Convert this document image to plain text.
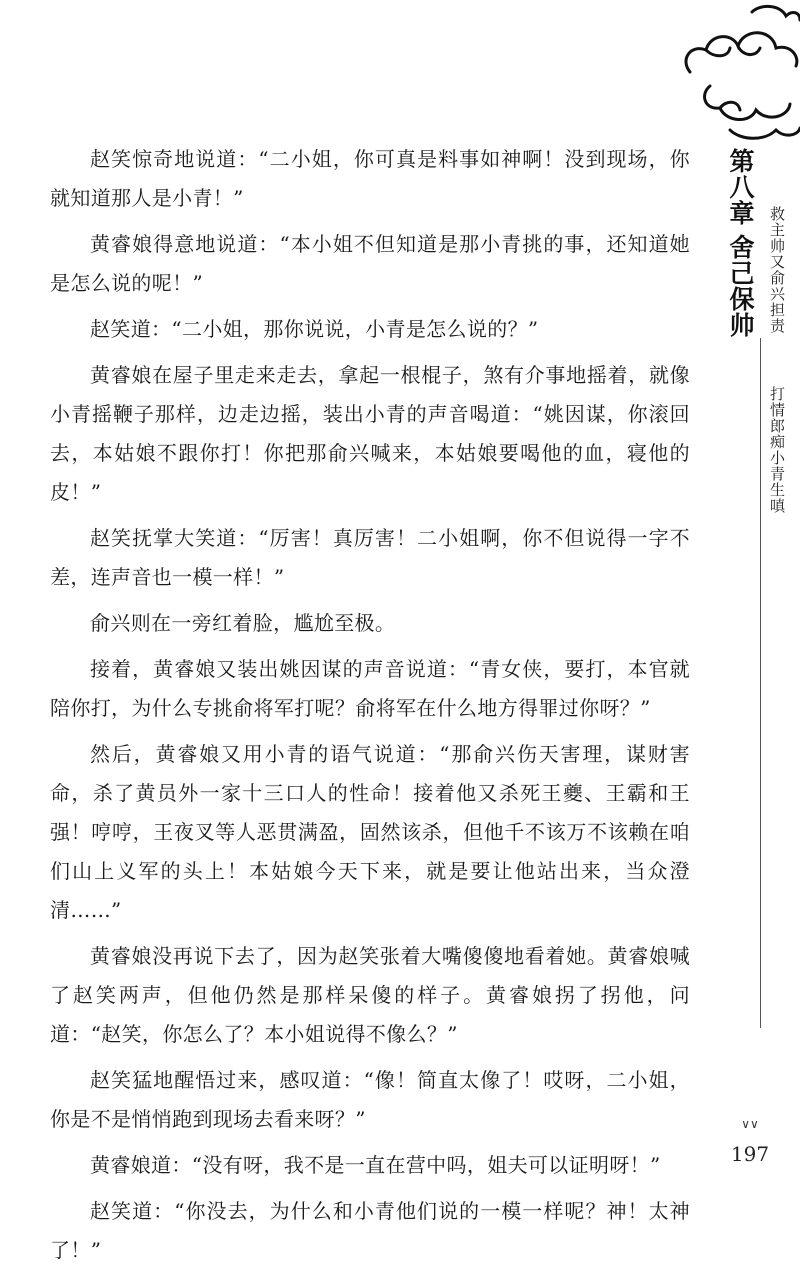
第八章
舍己保帅 救主帅又俞兴担责
打情郎痴小青生嗔

赵笑惊奇地说道：“二小姐，你可真是料事如神啊！没到现场，你就知道那人是小青！”

黄睿娘得意地说道：“本小姐不但知道是那小青挑的事，还知道她是怎么说的呢！”

赵笑道：“二小姐，那你说说，小青是怎么说的？”

黄睿娘在屋子里走来走去，拿起一根棍子，煞有介事地摇着，就像小青摇鞭子那样，边走边摇，装出小青的声音喝道：“姚因谋，你滚回去，本姑娘不跟你打！你把那俞兴喊来，本姑娘要喝他的血，寝他的皮！”

赵笑抚掌大笑道：“厉害！真厉害！二小姐啊，你不但说得一字不差，连声音也一模一样！”

俞兴则在一旁红着脸，尴尬至极。

接着，黄睿娘又装出姚因谋的声音说道：“青女侠，要打，本官就陪你打，为什么专挑俞将军打呢？俞将军在什么地方得罪过你呀？”

然后，黄睿娘又用小青的语气说道：“那俞兴伤天害理，谋财害命，杀了黄员外一家十三口人的性命！接着他又杀死王夔、王霸和王强！哼哼，王夜叉等人恶贯满盈，固然该杀，但他千不该万不该赖在咱们山上义军的头上！本姑娘今天下来，就是要让他站出来，当众澄清……”

黄睿娘没再说下去了，因为赵笑张着大嘴傻傻地看着她。黄睿娘喊了赵笑两声，但他仍然是那样呆傻的样子。黄睿娘拐了拐他，问道：“赵笑，你怎么了？本小姐说得不像么？”

赵笑猛地醒悟过来，感叹道：“像！简直太像了！哎呀，二小姐，你是不是悄悄跑到现场去看来呀？”

黄睿娘道：“没有呀，我不是一直在营中吗，姐夫可以证明呀！”

赵笑道：“你没去，为什么和小青他们说的一模一样呢？神！太神了！”

∨∨
197
